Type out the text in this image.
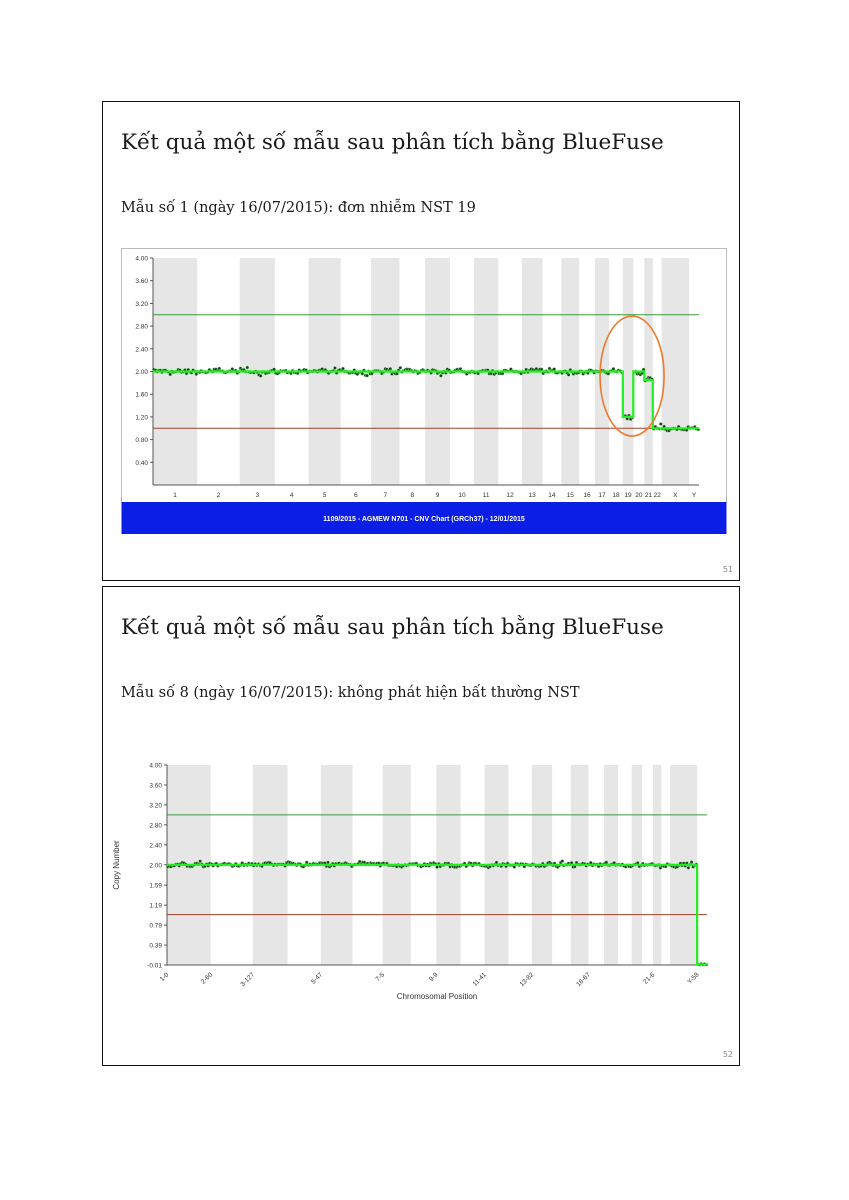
Kết quả một số mẫu sau phân tích bằng BlueFuse
Mẫu số 1 (ngày 16/07/2015): đơn nhiễm NST 19
4.00
3.60
3.20
2.80
2.40
2.00
1.60
1.20
0.80
0.40
1	2	3	4	5	6	7	8	9	10	11	12 13 14 15 16 17 18 19 20 21 22 X Y
1109/2015 - AGMEW N701 - CNV Chart (GRCh37) - 12/01/2015
51
Kết quả một số mẫu sau phân tích bằng BlueFuse
Mẫu số 8 (ngày 16/07/2015): không phát hiện bất thường NST
4.00
3.60
3.20
2.80
2.40
2.00
1.59
1.19
0.79
0.39
-0.01
1-0	2-60	3-127	5-47	7-5	9-9	11-41	13-82	16-67	21-6	Y-58
Chromosomal Position
Copy Number
52
